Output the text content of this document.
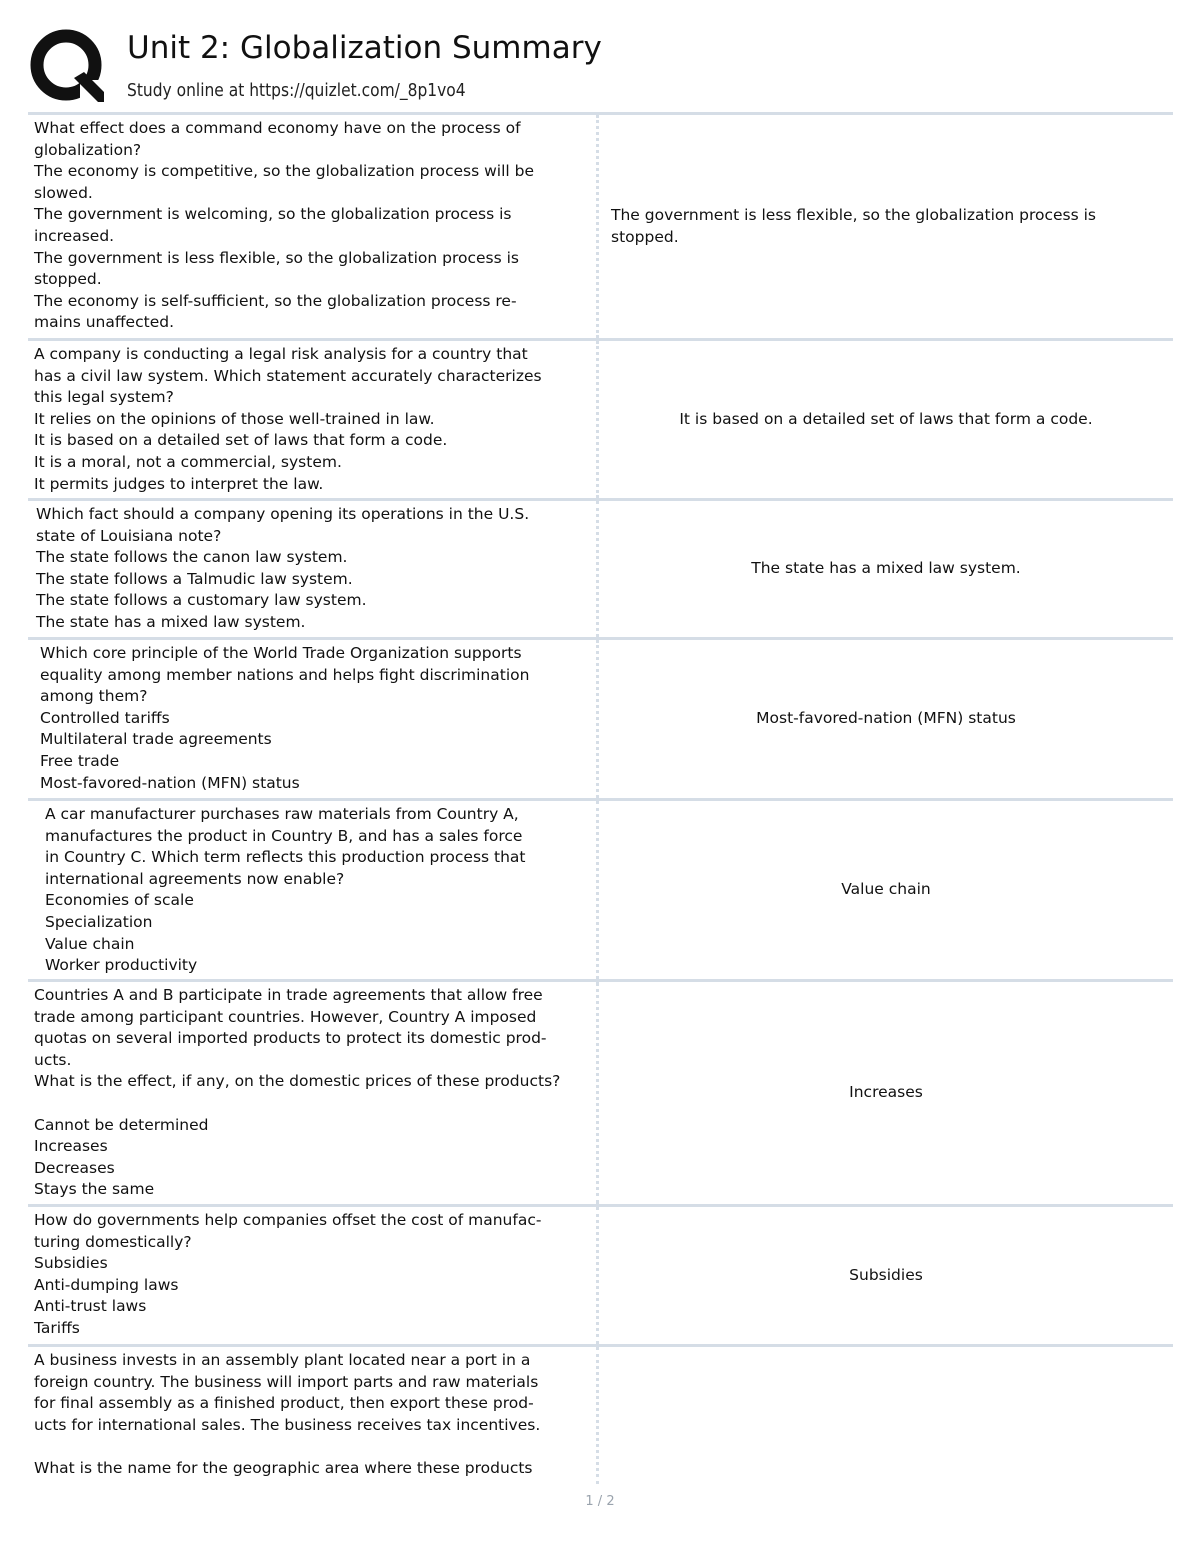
Unit 2: Globalization Summary
Study online at https://quizlet.com/_8p1vo4
What effect does a command economy have on the process of
globalization?
The economy is competitive, so the globalization process will be
slowed.
The government is welcoming, so the globalization process is
increased.
The government is less flexible, so the globalization process is
stopped.
The economy is self-sufficient, so the globalization process re-
mains unaffected.
The government is less flexible, so the globalization process is
stopped.
A company is conducting a legal risk analysis for a country that
has a civil law system. Which statement accurately characterizes
this legal system?
It relies on the opinions of those well-trained in law.
It is based on a detailed set of laws that form a code.
It is a moral, not a commercial, system.
It permits judges to interpret the law.
It is based on a detailed set of laws that form a code.
Which fact should a company opening its operations in the U.S.
state of Louisiana note?
The state follows the canon law system.
The state follows a Talmudic law system.
The state follows a customary law system.
The state has a mixed law system.
The state has a mixed law system.
Which core principle of the World Trade Organization supports
equality among member nations and helps fight discrimination
among them?
Controlled tariffs
Multilateral trade agreements
Free trade
Most-favored-nation (MFN) status
Most-favored-nation (MFN) status
A car manufacturer purchases raw materials from Country A,
manufactures the product in Country B, and has a sales force
in Country C. Which term reflects this production process that
international agreements now enable?
Economies of scale
Specialization
Value chain
Worker productivity
Value chain
Countries A and B participate in trade agreements that allow free
trade among participant countries. However, Country A imposed
quotas on several imported products to protect its domestic prod-
ucts.
What is the effect, if any, on the domestic prices of these products?
Cannot be determined
Increases
Decreases
Stays the same
Increases
How do governments help companies offset the cost of manufac-
turing domestically?
Subsidies
Anti-dumping laws
Anti-trust laws
Tariffs
Subsidies
A business invests in an assembly plant located near a port in a
foreign country. The business will import parts and raw materials
for final assembly as a finished product, then export these prod-
ucts for international sales. The business receives tax incentives.
What is the name for the geographic area where these products
1 / 2
